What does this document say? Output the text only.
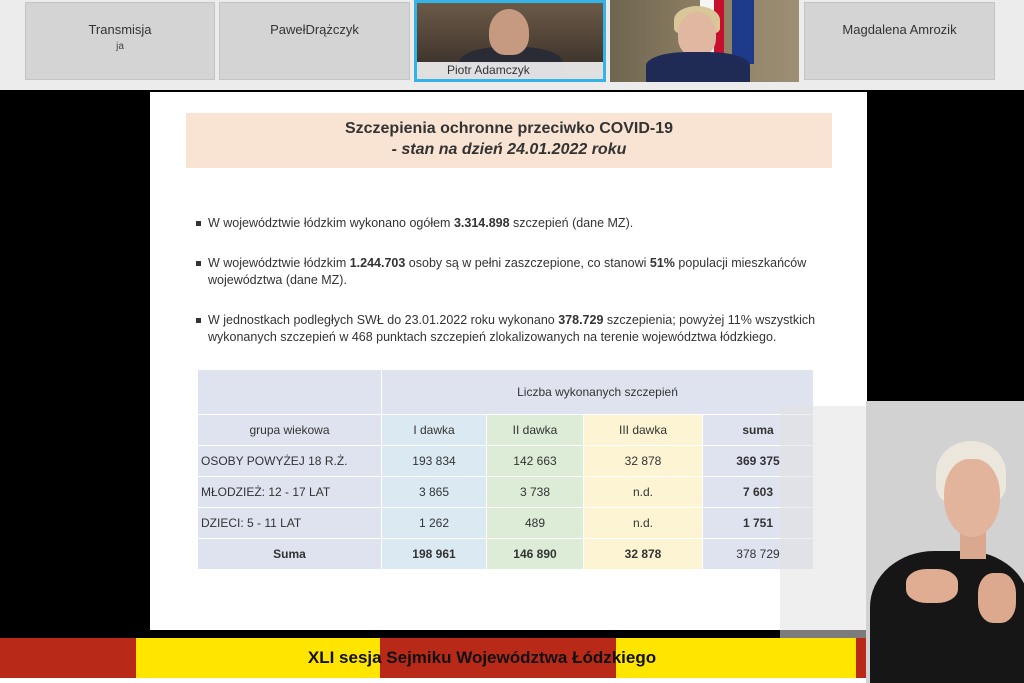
Transmisja
ja
PawełDrążczyk
Piotr Adamczyk
Magdalena Amrozik
Szczepienia ochronne przeciwko COVID-19
- stan na dzień 24.01.2022 roku
W województwie łódzkim wykonano ogółem 3.314.898 szczepień (dane MZ).
W województwie łódzkim 1.244.703 osoby są w pełni zaszczepione, co stanowi 51% populacji mieszkańców województwa (dane MZ).
W jednostkach podległych SWŁ do 23.01.2022 roku wykonano 378.729 szczepienia; powyżej 11% wszystkich wykonanych szczepień w 468 punktach szczepień zlokalizowanych na terenie województwa łódzkiego.
	Liczba wykonanych szczepień			
grupa wiekowa	I dawka	II dawka	III dawka	suma
OSOBY POWYŻEJ 18 R.Ż.	193 834	142 663	32 878	369 375
MŁODZIEŻ: 12 - 17 LAT	3 865	3 738	n.d.	7 603
DZIECI: 5 - 11 LAT	1 262	489	n.d.	1 751
Suma	198 961	146 890	32 878	378 729
XLI sesja Sejmiku Województwa Łódzkiego
